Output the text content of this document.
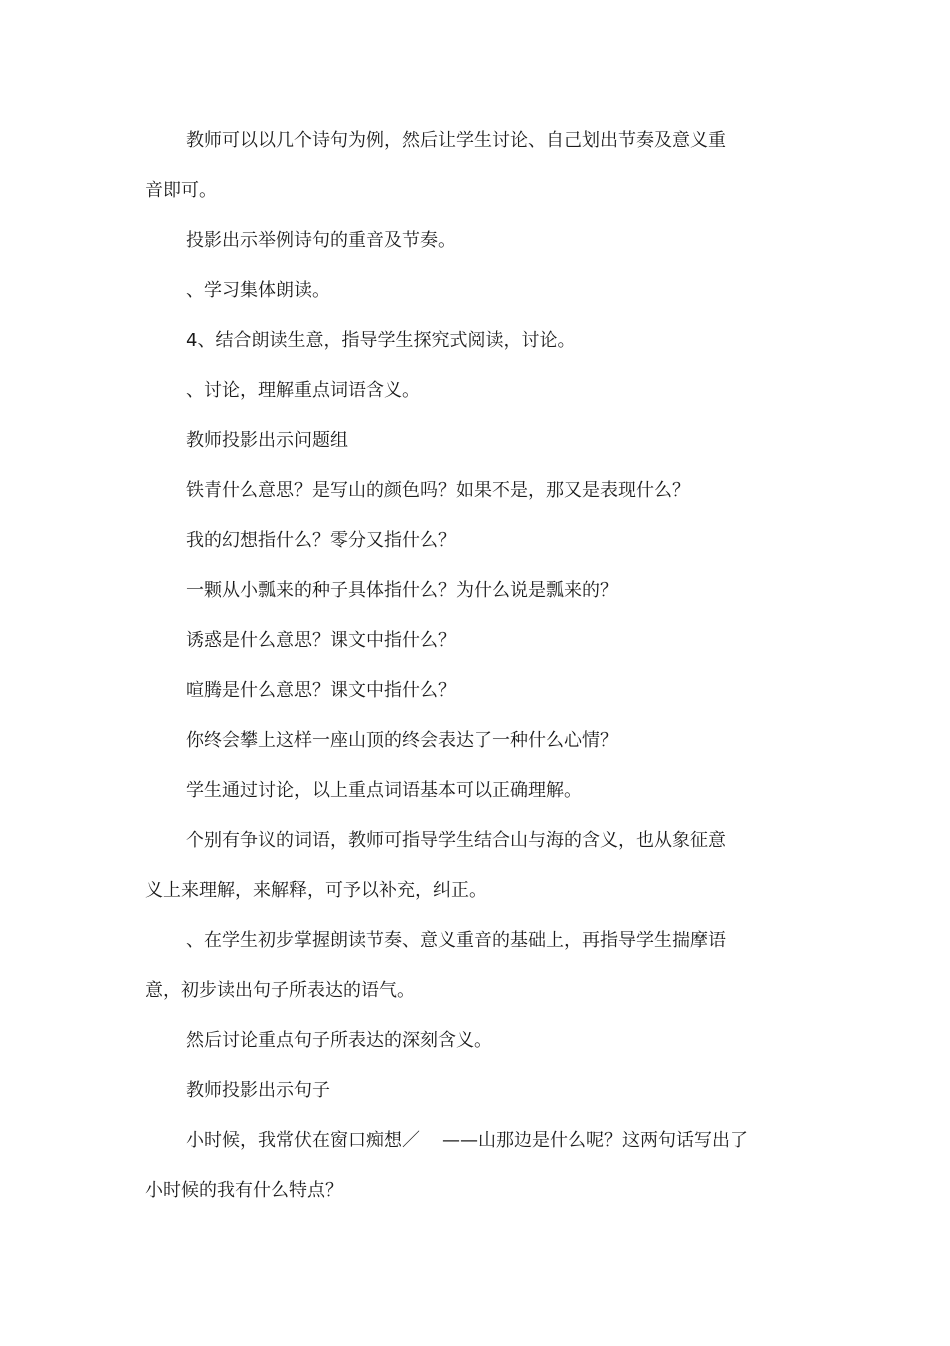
教师可以以几个诗句为例，然后让学生讨论、自己划出节奏及意义重

音即可。

投影出示举例诗句的重音及节奏。

、学习集体朗读。

4、结合朗读生意，指导学生探究式阅读，讨论。

、讨论，理解重点词语含义。

教师投影出示问题组

铁青什么意思？是写山的颜色吗？如果不是，那又是表现什么？

我的幻想指什么？零分又指什么？

一颗从小瓢来的种子具体指什么？为什么说是瓢来的？

诱惑是什么意思？课文中指什么？

喧腾是什么意思？课文中指什么？

你终会攀上这样一座山顶的终会表达了一种什么心情？

学生通过讨论，以上重点词语基本可以正确理解。

个别有争议的词语，教师可指导学生结合山与海的含义，也从象征意

义上来理解，来解释，可予以补充，纠正。

、在学生初步掌握朗读节奏、意义重音的基础上，再指导学生揣摩语

意，初步读出句子所表达的语气。

然后讨论重点句子所表达的深刻含义。

教师投影出示句子

小时候，我常伏在窗口痴想／ ——山那边是什么呢？这两句话写出了

小时候的我有什么特点？
